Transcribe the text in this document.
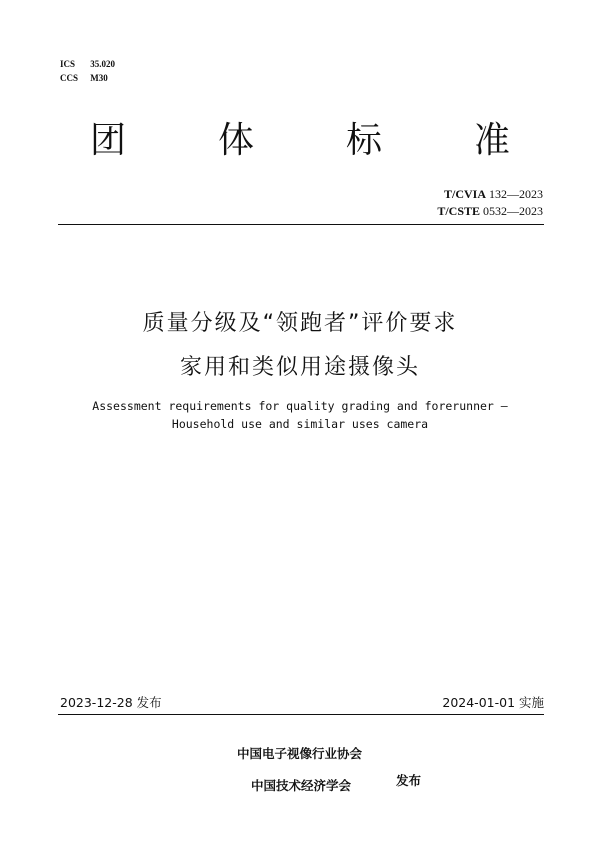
ICS 35.020
CCS M30
团	体	标	准
T/CVIA 132—2023
T/CSTE 0532—2023
质量分级及“领跑者”评价要求
家用和类似用途摄像头
Assessment requirements for quality grading and forerunner —
Household use and similar uses camera
2023-12-28 发布	2024-01-01 实施
中国电子视像行业协会
中国技术经济学会	发布
